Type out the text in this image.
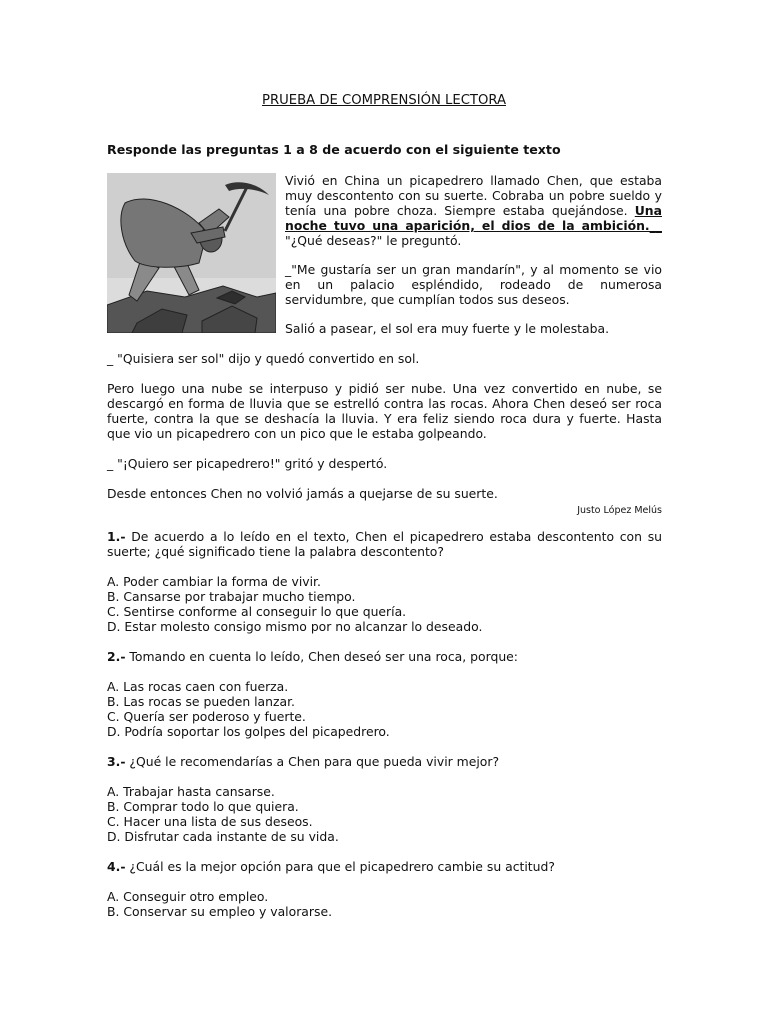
PRUEBA DE COMPRENSIÓN LECTORA
Responde las preguntas 1 a 8 de acuerdo con el siguiente texto

Vivió en China un picapedrero llamado Chen, que estaba muy descontento con su suerte. Cobraba un pobre sueldo y tenía una pobre choza. Siempre estaba quejándose. Una noche tuvo una aparición, el dios de la ambición.__ "¿Qué deseas?" le preguntó.

_"Me gustaría ser un gran mandarín", y al momento se vio en un palacio espléndido, rodeado de numerosa servidumbre, que cumplían todos sus deseos.

Salió a pasear, el sol era muy fuerte y le molestaba.

_ "Quisiera ser sol" dijo y quedó convertido en sol.

Pero luego una nube se interpuso y pidió ser nube. Una vez convertido en nube, se descargó en forma de lluvia que se estrelló contra las rocas. Ahora Chen deseó ser roca fuerte, contra la que se deshacía la lluvia. Y era feliz siendo roca dura y fuerte. Hasta que vio un picapedrero con un pico que le estaba golpeando.

_ "¡Quiero ser picapedrero!" gritó y despertó.

Desde entonces Chen no volvió jamás a quejarse de su suerte.

Justo López Melús
1.- De acuerdo a lo leído en el texto, Chen el picapedrero estaba descontento con su suerte; ¿qué significado tiene la palabra descontento?
A. Poder cambiar la forma de vivir.
B. Cansarse por trabajar mucho tiempo.
C. Sentirse conforme al conseguir lo que quería.
D. Estar molesto consigo mismo por no alcanzar lo deseado.
2.- Tomando en cuenta lo leído, Chen deseó ser una roca, porque:
A. Las rocas caen con fuerza.
B. Las rocas se pueden lanzar.
C. Quería ser poderoso y fuerte.
D. Podría soportar los golpes del picapedrero.
3.- ¿Qué le recomendarías a Chen para que pueda vivir mejor?
A. Trabajar hasta cansarse.
B. Comprar todo lo que quiera.
C. Hacer una lista de sus deseos.
D. Disfrutar cada instante de su vida.
4.- ¿Cuál es la mejor opción para que el picapedrero cambie su actitud?
A. Conseguir otro empleo.
B. Conservar su empleo y valorarse.
